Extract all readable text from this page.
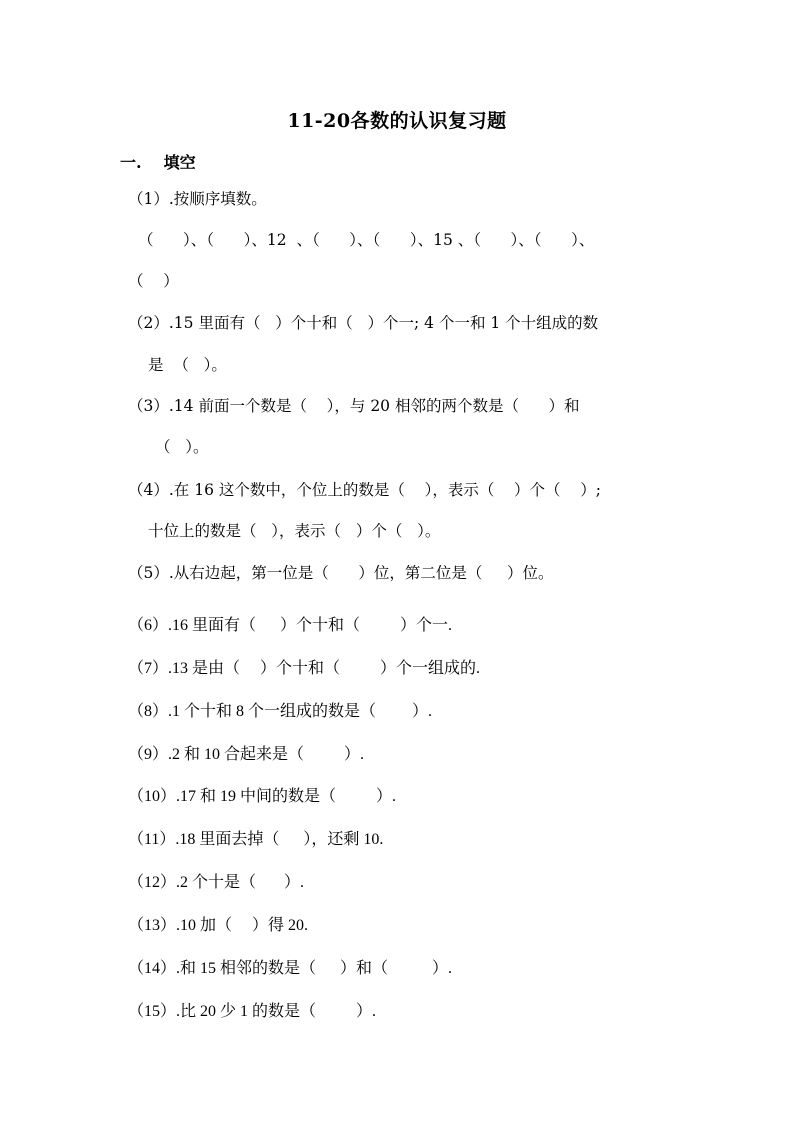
11-20各数的认识复习题
一. 填空
（1）.按顺序填数。
（      ）、（      ）、12  、（      ）、（      ）、15 、（      ）、（      ）、
（    ）
（2）.15 里面有（   ）个十和（   ）个一; 4 个一和 1 个十组成的数
是  （   ）。
（3）.14 前面一个数是（    ），与 20 相邻的两个数是（      ）和
（   ）。
（4）.在 16 这个数中，个位上的数是（    ），表示（    ）个（    ）;
十位上的数是（   ），表示（   ）个（   ）。
（5）.从右边起，第一位是（      ）位，第二位是（     ）位。
（6）.16 里面有（      ）个十和（          ）个一.
（7）.13 是由（     ）个十和（          ）个一组成的.
（8）.1 个十和 8 个一组成的数是（         ）.
（9）.2 和 10 合起来是（          ）.
（10）.17 和 19 中间的数是（          ）.
（11）.18 里面去掉（      ），还剩 10.
（12）.2 个十是（       ）.
（13）.10 加（     ）得 20.
（14）.和 15 相邻的数是（      ）和（           ）.
（15）.比 20 少 1 的数是（          ）.
